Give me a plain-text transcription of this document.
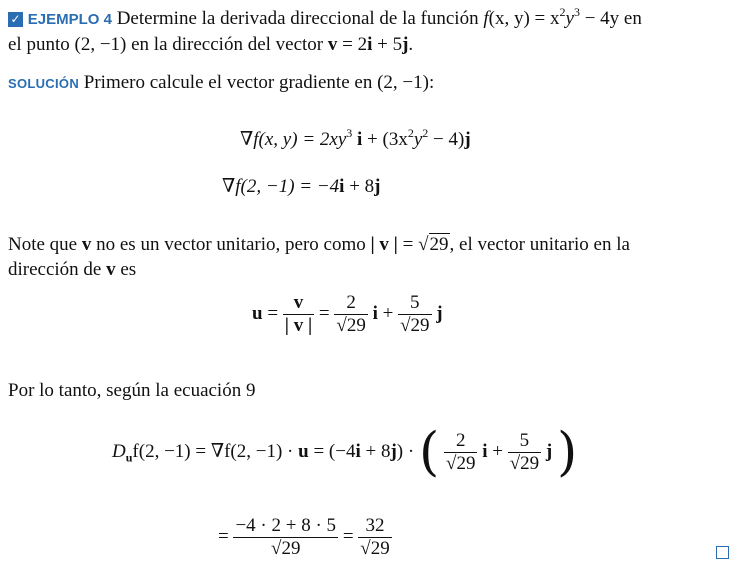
✓ EJEMPLO 4 Determine la derivada direccional de la función f(x, $y) = x^2y^3 - 4y$ en
el punto (2, −1) en la dirección del vector v = 2i + 5j.
SOLUCIÓN Primero calcule el vector gradiente en (2, −1):
∇f(x, $y) = 2xy^3$ $i + (3x^2y^2 - 4)j$
∇f(2, −1) = −4i + 8j
Note que v no es un vector unitario, pero como | v | = √29, el vector unitario en la
dirección de v es
$u = \frac{v}{| v |} = \frac{2}{√29}$ $i + \frac{5}{√29}$ j
Por lo tanto, según la ecuación 9
$D_uf(2$, −1) = ∇f(2, −1) · u = (−4i + 8j) · ( $\frac{2}{√29}$ $i + \frac{5}{√29}$ j )
= $\frac{-4 \cdot 2 + 8 \cdot 5}{√29} = \frac{32}{√29}$
